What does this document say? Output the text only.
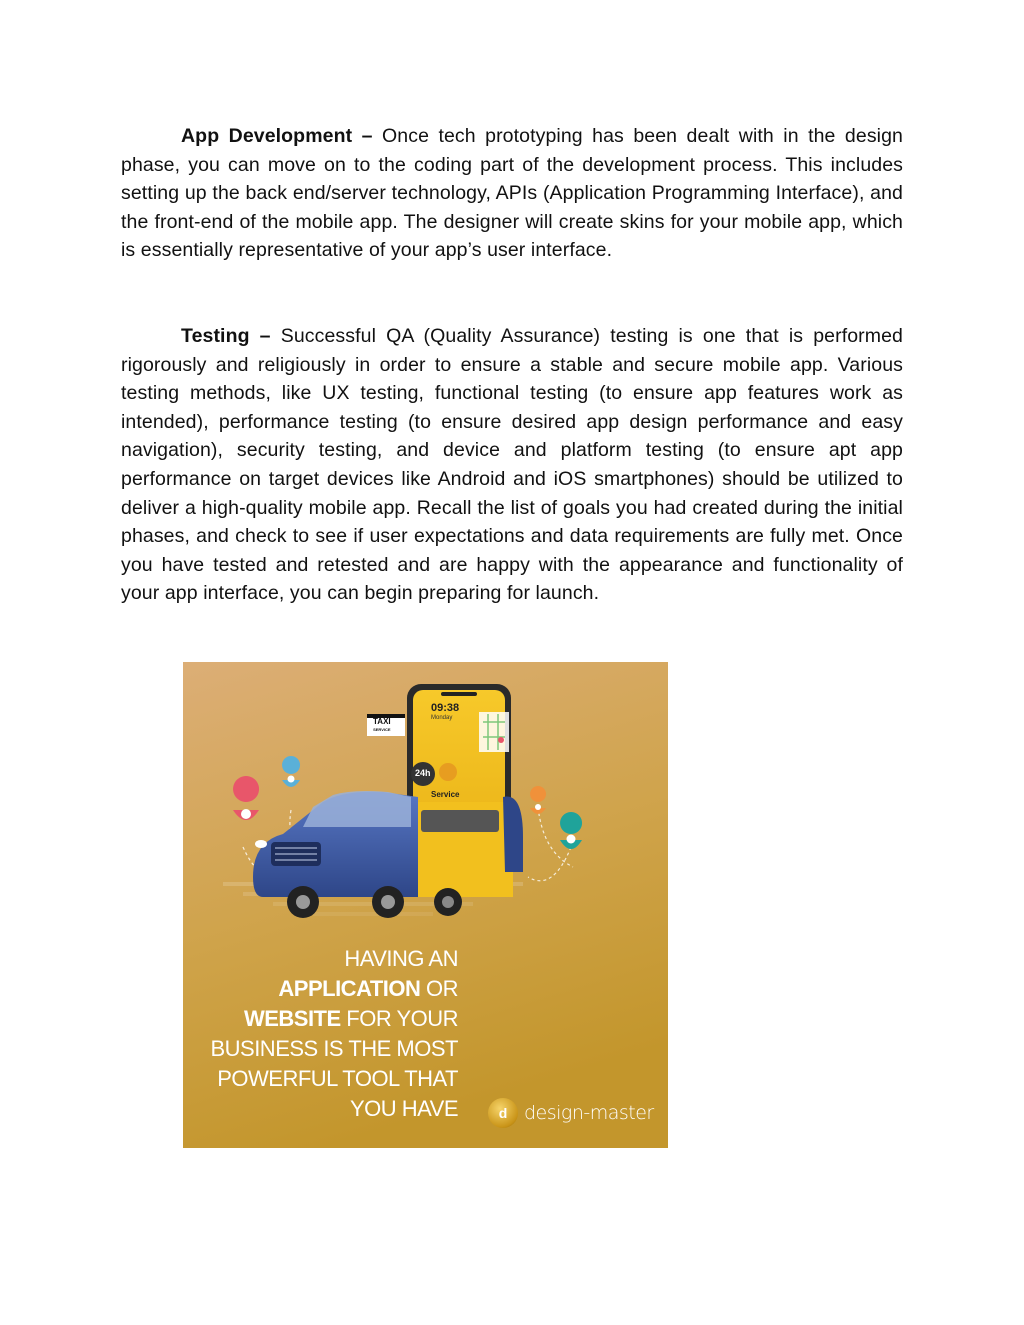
App Development – Once tech prototyping has been dealt with in the design phase, you can move on to the coding part of the development process. This includes setting up the back end/server technology, APIs (Application Programming Interface), and the front-end of the mobile app. The designer will create skins for your mobile app, which is essentially representative of your app’s user interface.

Testing – Successful QA (Quality Assurance) testing is one that is performed rigorously and religiously in order to ensure a stable and secure mobile app. Various testing methods, like UX testing, functional testing (to ensure app features work as intended), performance testing (to ensure desired app design performance and easy navigation), security testing, and device and platform testing (to ensure apt app performance on target devices like Android and iOS smartphones) should be utilized to deliver a high-quality mobile app. Recall the list of goals you had created during the initial phases, and check to see if user expectations and data requirements are fully met. Once you have tested and retested and are happy with the appearance and functionality of your app interface, you can begin preparing for launch.

TAXI
SERVICE
09:38
Monday
24h
Service
HAVING AN
APPLICATION OR
WEBSITE FOR YOUR
BUSINESS IS THE MOST
POWERFUL TOOL THAT
YOU HAVE	d design-master
